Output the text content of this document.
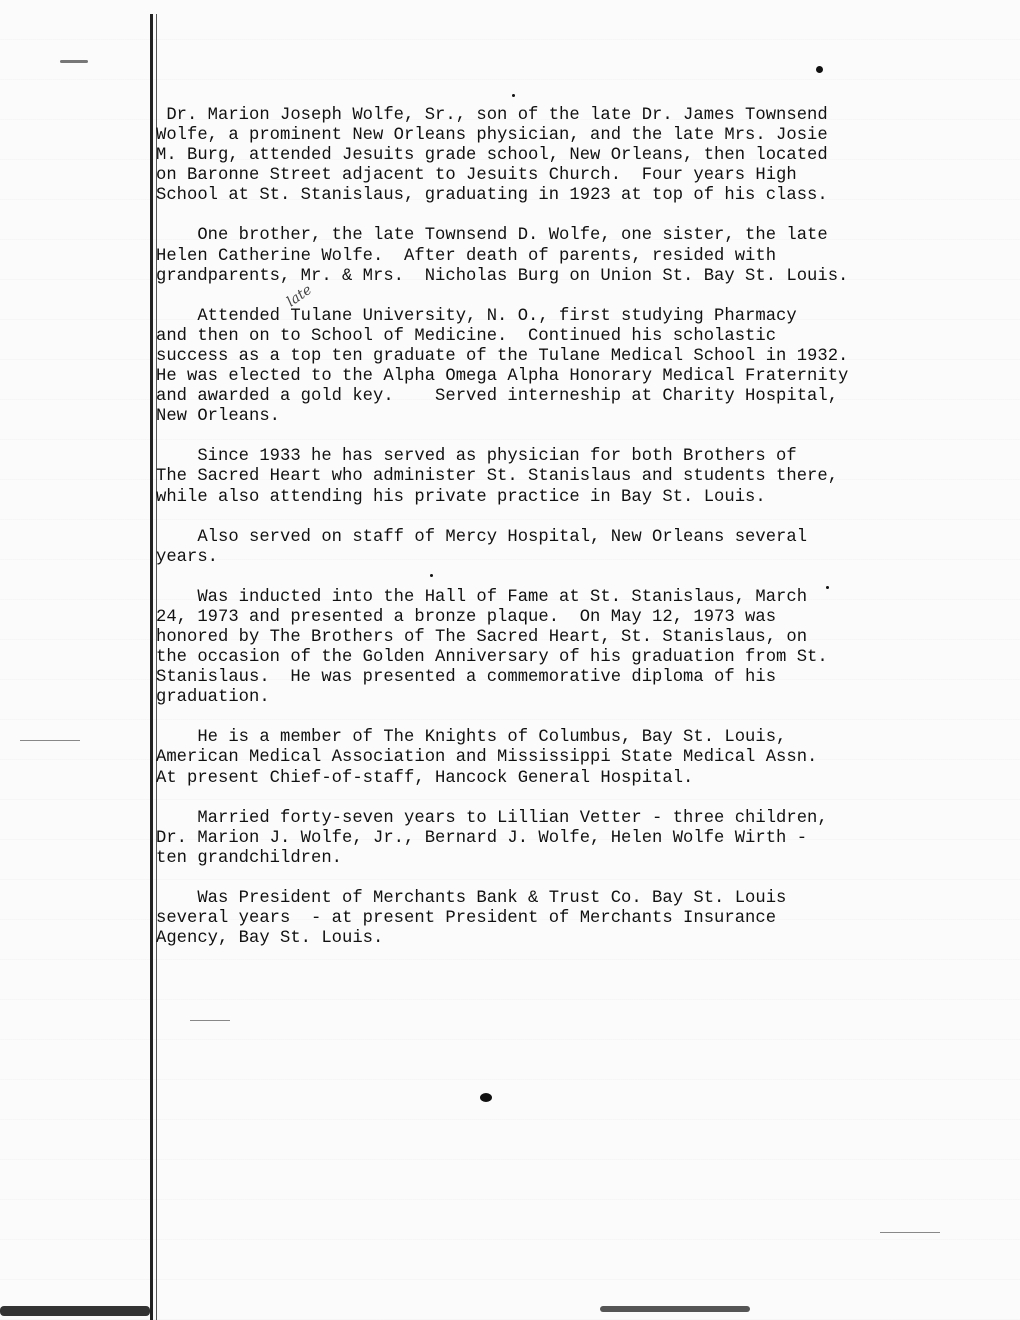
late
Dr. Marion Joseph Wolfe, Sr., son of the late Dr. James Townsend
Wolfe, a prominent New Orleans physician, and the late Mrs. Josie
M. Burg, attended Jesuits grade school, New Orleans, then located
on Baronne Street adjacent to Jesuits Church.  Four years High
School at St. Stanislaus, graduating in 1923 at top of his class.
One brother, the late Townsend D. Wolfe, one sister, the late
Helen Catherine Wolfe.  After death of parents, resided with
grandparents, Mr. & Mrs.  Nicholas Burg on Union St. Bay St. Louis.
Attended Tulane University, N. O., first studying Pharmacy
and then on to School of Medicine.  Continued his scholastic
success as a top ten graduate of the Tulane Medical School in 1932.
He was elected to the Alpha Omega Alpha Honorary Medical Fraternity
and awarded a gold key.    Served interneship at Charity Hospital,
New Orleans.
Since 1933 he has served as physician for both Brothers of
The Sacred Heart who administer St. Stanislaus and students there,
while also attending his private practice in Bay St. Louis.
Also served on staff of Mercy Hospital, New Orleans several
years.
Was inducted into the Hall of Fame at St. Stanislaus, March
24, 1973 and presented a bronze plaque.  On May 12, 1973 was
honored by The Brothers of The Sacred Heart, St. Stanislaus, on
the occasion of the Golden Anniversary of his graduation from St.
Stanislaus.  He was presented a commemorative diploma of his
graduation.
He is a member of The Knights of Columbus, Bay St. Louis,
American Medical Association and Mississippi State Medical Assn.
At present Chief-of-staff, Hancock General Hospital.
Married forty-seven years to Lillian Vetter - three children,
Dr. Marion J. Wolfe, Jr., Bernard J. Wolfe, Helen Wolfe Wirth -
ten grandchildren.
Was President of Merchants Bank & Trust Co. Bay St. Louis
several years  - at present President of Merchants Insurance
Agency, Bay St. Louis.
